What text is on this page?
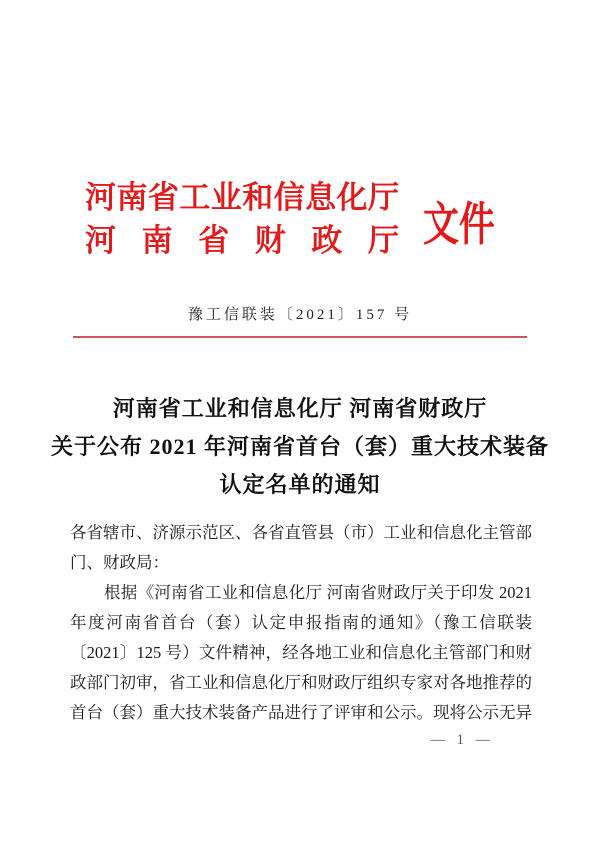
河南省工业和信息化厅
河南省财政厅 文件
豫工信联装〔2021〕157 号
河南省工业和信息化厅 河南省财政厅
关于公布 2021 年河南省首台（套）重大技术装备
认定名单的通知
各省辖市、济源示范区、各省直管县（市）工业和信息化主管部
门、财政局：
根据《河南省工业和信息化厅 河南省财政厅关于印发 2021
年度河南省首台（套）认定申报指南的通知》（豫工信联装
〔2021〕125 号）文件精神，经各地工业和信息化主管部门和财
政部门初审，省工业和信息化厅和财政厅组织专家对各地推荐的
首台（套）重大技术装备产品进行了评审和公示。现将公示无异
— 1 —
